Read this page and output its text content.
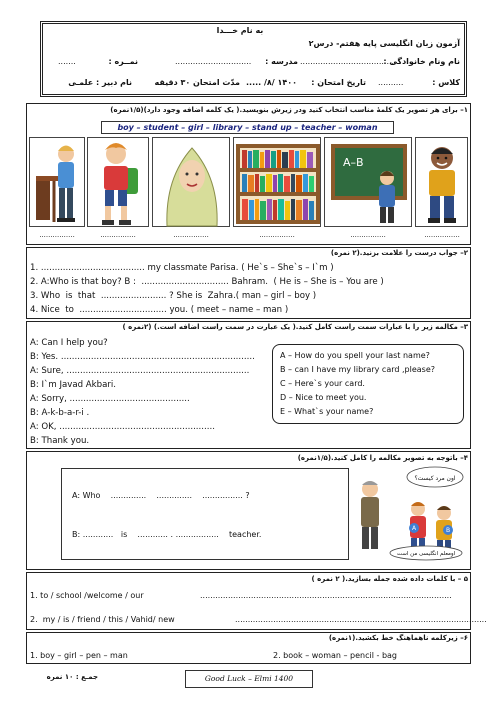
به نام خـــدا
آزمون زبان انگلیسی پایه هفتم- درس۲
نام ونام خانوادگی :
......................................
مدرسه :
..............................
نمــره :
.......
کلاس :
..........
تاریخ امتحان :
..... /۸/ ۱۴۰۰
مدّت امتحان ۳۰ دقیقه
نام دبیر : علمـی
۱– برای هر تصویر یک کلمهٔ مناسب انتخاب کنید ودر زیرش بنویسید.( یک کلمه اضافه وجود دارد)(۱/۵نمره)
boy – student – girl – library – stand up – teacher – woman
A–B
................	................	................	................	................	................
۲– جواب درست را علامت بزنید.(۲ نمره)
1. ...................................... my classmate Parisa. ( He`s – She`s – I`m )
2. A:Who is that boy? B :  ................................ Bahram.  ( He is – She is – You are )
3. Who  is  that  ........................ ? She is  Zahra.( man – girl – boy )
4. Nice  to  ................................ you. ( meet – name – man )
۳– مکالمه زیر را با عبارات سمت راست کامل کنید.( یک عبارت در سمت راست اضافه است.) (۲نمره )
A: Can I help you?
B: Yes. .......................................................................
A: Sure, ...................................................................
B: I`m Javad Akbari.
A: Sorry, ............................................
B: A-k-b-a-r-i .
A: OK, .........................................................
B: Thank you.
A – How do you spell your last name?
B – can I have my library card ,please?
C – Here`s your card.
D – Nice to meet you.
E – What`s your name?
۴– باتوجه به تصویر مکالمه را کامل کنید.(۱/۵نمره)
A: Who    ..............    ..............    ................ ?
B: ............   is    ............ . .................    teacher.
اون مرد کیست؟
A	B
اومعلم انگلیسی من است
۵ – با کلمات داده شده جمله بسازید.( ۲ نمره )
1. to / school /welcome / our	...................................................................................................
2.  my / is / friend / this / Vahid/ new	...................................................................................................
۶– زیرکلمه ناهماهنگ خط بکشید.(۱نمره)
1. boy – girl – pen – man	2. book – woman – pencil - bag
جمـع : ۱۰ نمره	Good Luck – Elmi 1400
